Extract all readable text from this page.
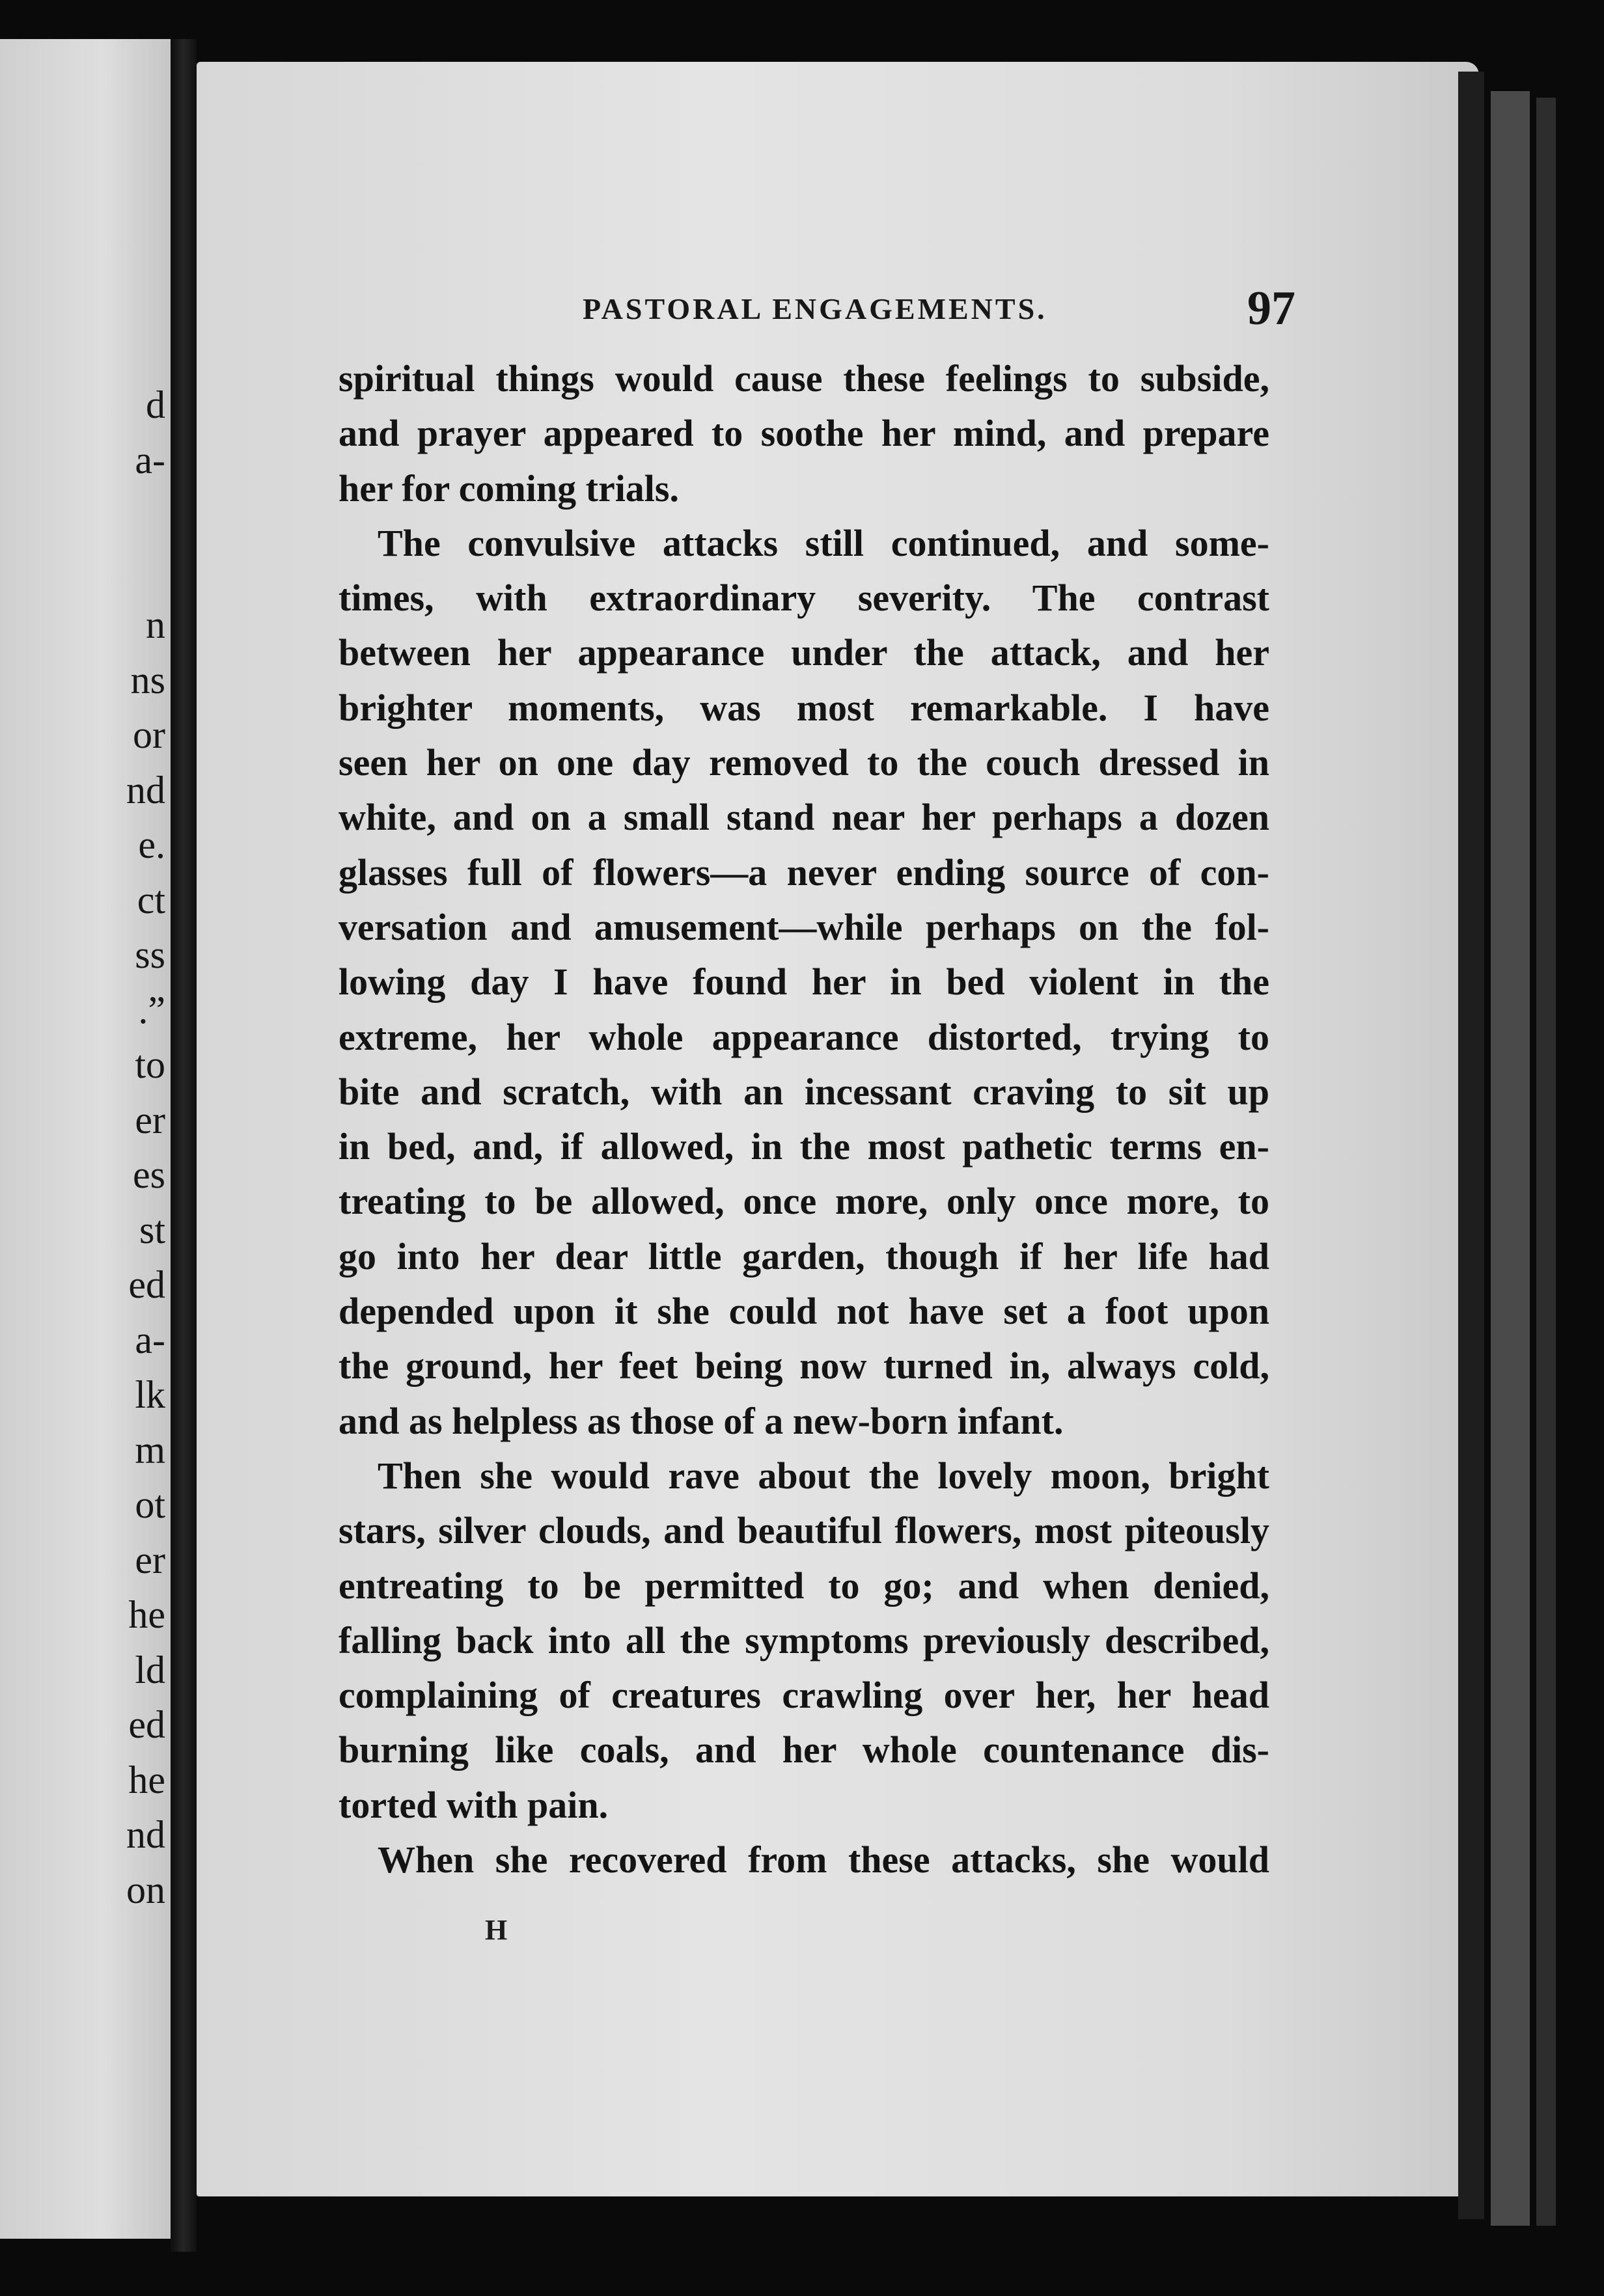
d
a-
n
ns
or
nd
e.
ct
ss
.”
to
er
es
st
ed
a-
lk
m
ot
er
he
ld
ed
he
nd
on
PASTORAL ENGAGEMENTS.	97
spiritual things would cause these feelings to subside,
and prayer appeared to soothe her mind, and prepare
her for coming trials.
The convulsive attacks still continued, and some-
times, with extraordinary severity. The contrast
between her appearance under the attack, and her
brighter moments, was most remarkable. I have
seen her on one day removed to the couch dressed in
white, and on a small stand near her perhaps a dozen
glasses full of flowers—a never ending source of con-
versation and amusement—while perhaps on the fol-
lowing day I have found her in bed violent in the
extreme, her whole appearance distorted, trying to
bite and scratch, with an incessant craving to sit up
in bed, and, if allowed, in the most pathetic terms en-
treating to be allowed, once more, only once more, to
go into her dear little garden, though if her life had
depended upon it she could not have set a foot upon
the ground, her feet being now turned in, always cold,
and as helpless as those of a new-born infant.
Then she would rave about the lovely moon, bright
stars, silver clouds, and beautiful flowers, most piteously
entreating to be permitted to go; and when denied,
falling back into all the symptoms previously described,
complaining of creatures crawling over her, her head
burning like coals, and her whole countenance dis-
torted with pain.
When she recovered from these attacks, she would
H
